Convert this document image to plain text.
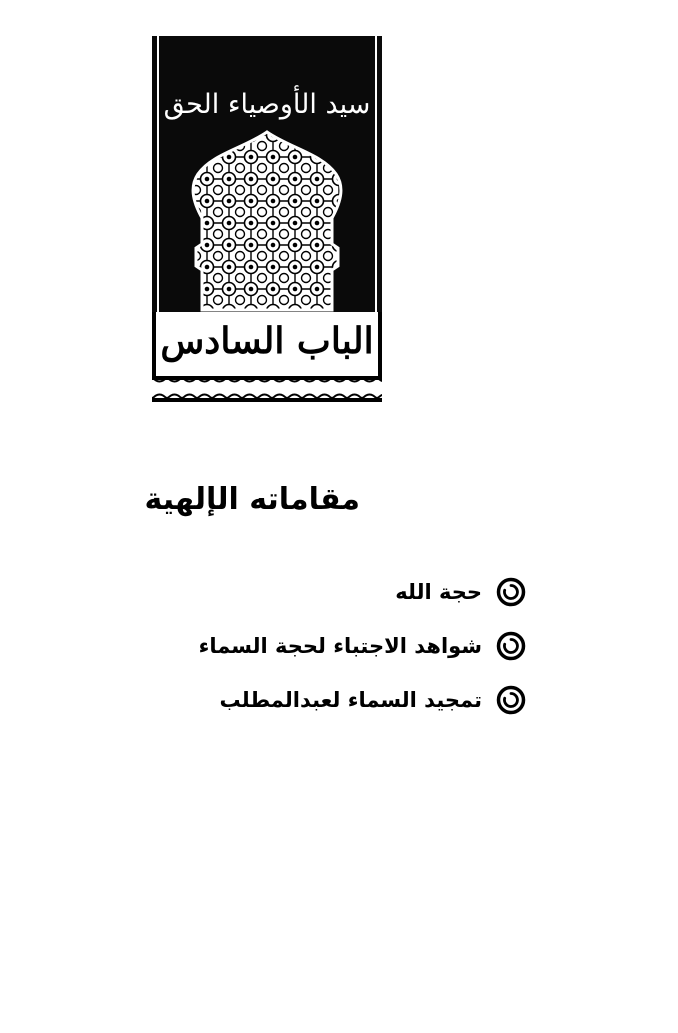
سيد الأوصياء الحق
الباب السادس
مقاماته الإلهية
حجة الله
شواهد الاجتباء لحجة السماء
تمجيد السماء لعبدالمطلب
